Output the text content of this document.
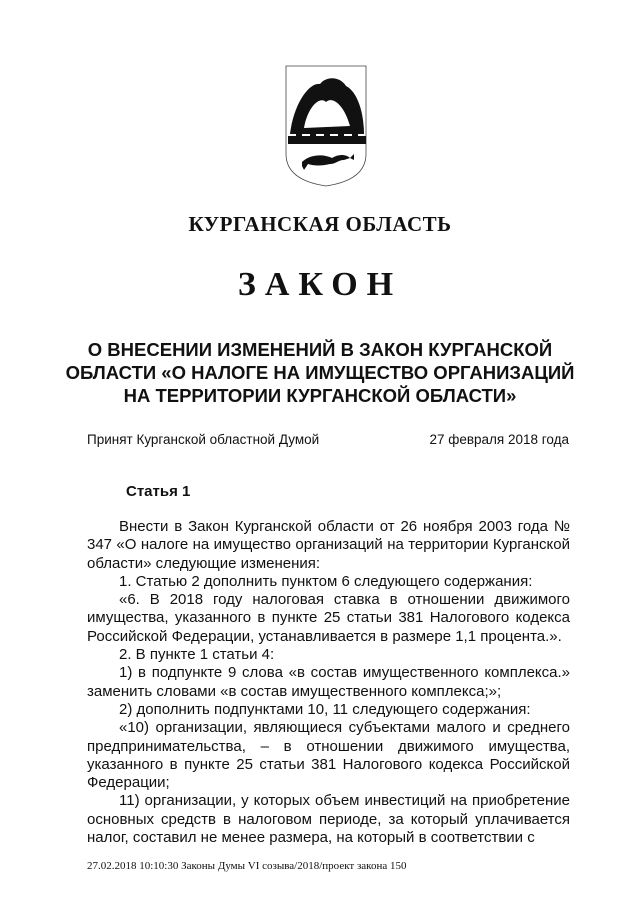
КУРГАНСКАЯ ОБЛАСТЬ
ЗАКОН
О ВНЕСЕНИИ ИЗМЕНЕНИЙ В ЗАКОН КУРГАНСКОЙ
ОБЛАСТИ «О НАЛОГЕ НА ИМУЩЕСТВО ОРГАНИЗАЦИЙ
НА ТЕРРИТОРИИ КУРГАНСКОЙ ОБЛАСТИ»
Принят Курганской областной Думой	27 февраля 2018 года
Статья 1

Внести в Закон Курганской области от 26 ноября 2003 года № 347 «О налоге на имущество организаций на территории Курганской области» следующие изменения:

1. Статью 2 дополнить пунктом 6 следующего содержания:

«6. В 2018 году налоговая ставка в отношении движимого имущества, указанного в пункте 25 статьи 381 Налогового кодекса Российской Федерации, устанавливается в размере 1,1 процента.».

2. В пункте 1 статьи 4:

1) в подпункте 9 слова «в состав имущественного комплекса.» заменить словами «в состав имущественного комплекса;»;

2) дополнить подпунктами 10, 11 следующего содержания:

«10) организации, являющиеся субъектами малого и среднего предпринимательства, – в отношении движимого имущества, указанного в пункте 25 статьи 381 Налогового кодекса Российской Федерации;

11) организации, у которых объем инвестиций на приобретение основных средств в налоговом периоде, за который уплачивается налог, составил не менее размера, на который в соответствии с

27.02.2018 10:10:30 Законы Думы VI созыва/2018/проект закона 150
